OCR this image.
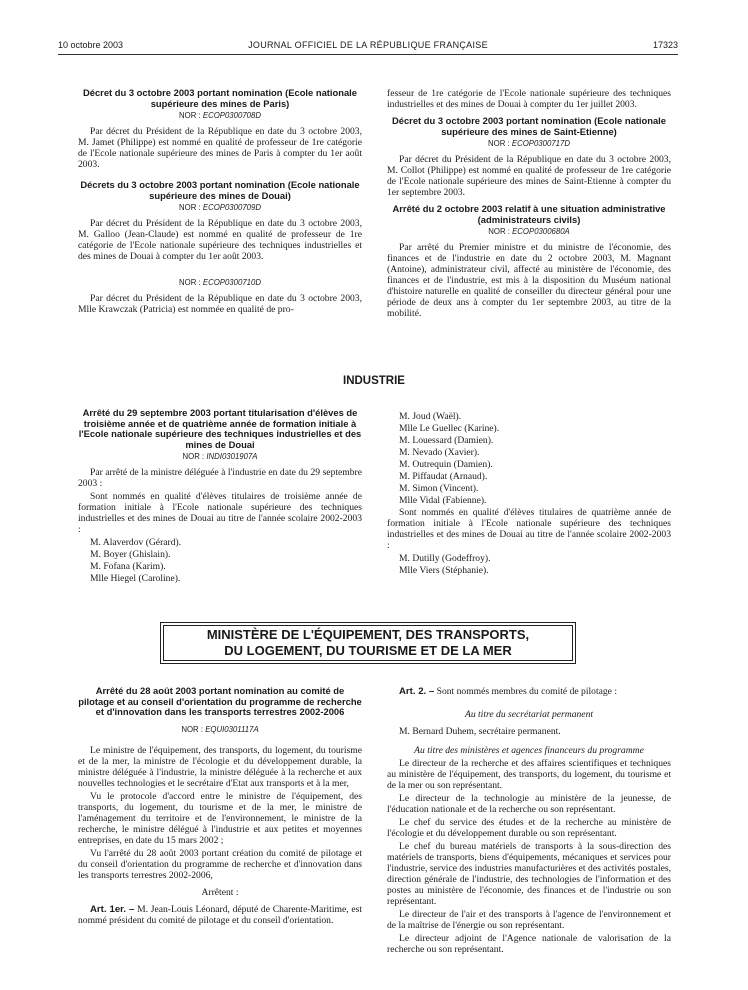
10 octobre 2003	JOURNAL OFFICIEL DE LA RÉPUBLIQUE FRANÇAISE	17323
Décret du 3 octobre 2003 portant nomination (Ecole nationale supérieure des mines de Paris)
NOR : ECOP0300708D

Par décret du Président de la République en date du 3 octobre 2003, M. Jamet (Philippe) est nommé en qualité de professeur de 1re catégorie de l'Ecole nationale supérieure des mines de Paris à compter du 1er août 2003.

Décrets du 3 octobre 2003 portant nomination (Ecole nationale supérieure des mines de Douai)
NOR : ECOP0300709D

Par décret du Président de la République en date du 3 octobre 2003, M. Galloo (Jean-Claude) est nommé en qualité de professeur de 1re catégorie de l'Ecole nationale supérieure des techniques industrielles et des mines de Douai à compter du 1er août 2003.

NOR : ECOP0300710D

Par décret du Président de la République en date du 3 octobre 2003, Mlle Krawczak (Patricia) est nommée en qualité de pro-

fesseur de 1re catégorie de l'Ecole nationale supérieure des techniques industrielles et des mines de Douai à compter du 1er juillet 2003.

Décret du 3 octobre 2003 portant nomination (Ecole nationale supérieure des mines de Saint-Etienne)
NOR : ECOP0300717D

Par décret du Président de la République en date du 3 octobre 2003, M. Collot (Philippe) est nommé en qualité de professeur de 1re catégorie de l'Ecole nationale supérieure des mines de Saint-Etienne à compter du 1er septembre 2003.

Arrêté du 2 octobre 2003 relatif à une situation administrative (administrateurs civils)
NOR : ECOP0300680A

Par arrêté du Premier ministre et du ministre de l'économie, des finances et de l'industrie en date du 2 octobre 2003, M. Magnant (Antoine), administrateur civil, affecté au ministère de l'économie, des finances et de l'industrie, est mis à la disposition du Muséum national d'histoire naturelle en qualité de conseiller du directeur général pour une période de deux ans à compter du 1er septembre 2003, au titre de la mobilité.

INDUSTRIE
Arrêté du 29 septembre 2003 portant titularisation d'élèves de troisième année et de quatrième année de formation initiale à l'Ecole nationale supérieure des techniques industrielles et des mines de Douai
NOR : INDI0301907A

Par arrêté de la ministre déléguée à l'industrie en date du 29 septembre 2003 :

Sont nommés en qualité d'élèves titulaires de troisième année de formation initiale à l'Ecole nationale supérieure des techniques industrielles et des mines de Douai au titre de l'année scolaire 2002-2003 :

M. Alaverdov (Gérard).

M. Boyer (Ghislain).

M. Fofana (Karim).

Mlle Hiegel (Caroline).

M. Joud (Waël).

Mlle Le Guellec (Karine).

M. Louessard (Damien).

M. Nevado (Xavier).

M. Outrequin (Damien).

M. Piffaudat (Arnaud).

M. Simon (Vincent).

Mlle Vidal (Fabienne).

Sont nommés en qualité d'élèves titulaires de quatrième année de formation initiale à l'Ecole nationale supérieure des techniques industrielles et des mines de Douai au titre de l'année scolaire 2002-2003 :

M. Dutilly (Godeffroy).

Mlle Viers (Stéphanie).

MINISTÈRE DE L'ÉQUIPEMENT, DES TRANSPORTS,
DU LOGEMENT, DU TOURISME ET DE LA MER
Arrêté du 28 août 2003 portant nomination au comité de pilotage et au conseil d'orientation du programme de recherche et d'innovation dans les transports terrestres 2002-2006
NOR : EQUI0301117A

Le ministre de l'équipement, des transports, du logement, du tourisme et de la mer, la ministre de l'écologie et du développement durable, la ministre déléguée à l'industrie, la ministre déléguée à la recherche et aux nouvelles technologies et le secrétaire d'Etat aux transports et à la mer,

Vu le protocole d'accord entre le ministre de l'équipement, des transports, du logement, du tourisme et de la mer, le ministre de l'aménagement du territoire et de l'environnement, le ministre de la recherche, le ministre délégué à l'industrie et aux petites et moyennes entreprises, en date du 15 mars 2002 ;

Vu l'arrêté du 28 août 2003 portant création du comité de pilotage et du conseil d'orientation du programme de recherche et d'innovation dans les transports terrestres 2002-2006,

Arrêtent :

Art. 1er. – M. Jean-Louis Léonard, député de Charente-Maritime, est nommé président du comité de pilotage et du conseil d'orientation.

Art. 2. – Sont nommés membres du comité de pilotage :

Au titre du secrétariat permanent

M. Bernard Duhem, secrétaire permanent.

Au titre des ministères et agences financeurs du programme

Le directeur de la recherche et des affaires scientifiques et techniques au ministère de l'équipement, des transports, du logement, du tourisme et de la mer ou son représentant.

Le directeur de la technologie au ministère de la jeunesse, de l'éducation nationale et de la recherche ou son représentant.

Le chef du service des études et de la recherche au ministère de l'écologie et du développement durable ou son représentant.

Le chef du bureau matériels de transports à la sous-direction des matériels de transports, biens d'équipements, mécaniques et services pour l'industrie, service des industries manufacturières et des activités postales, direction générale de l'industrie, des technologies de l'information et des postes au ministère de l'économie, des finances et de l'industrie ou son représentant.

Le directeur de l'air et des transports à l'agence de l'environnement et de la maîtrise de l'énergie ou son représentant.

Le directeur adjoint de l'Agence nationale de valorisation de la recherche ou son représentant.
